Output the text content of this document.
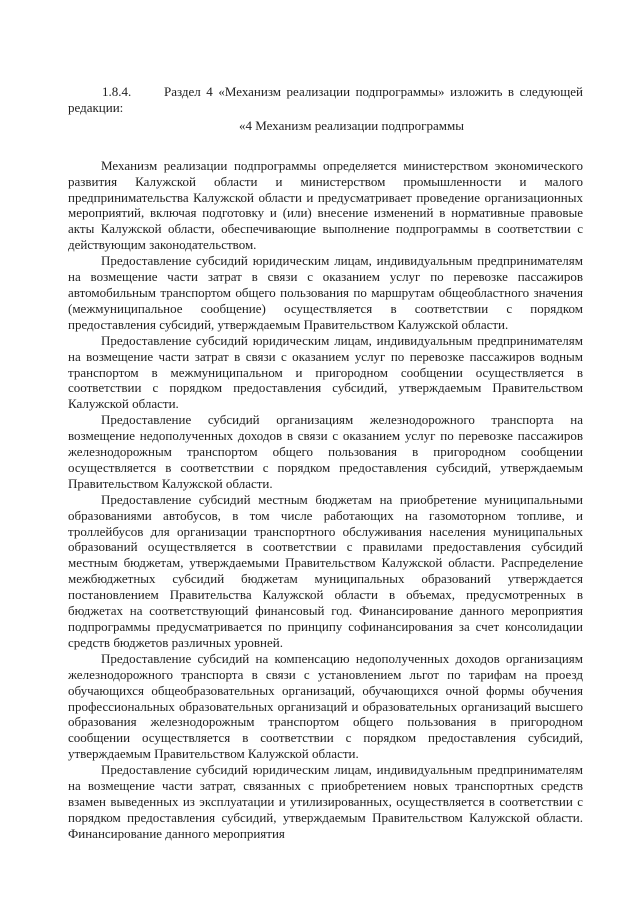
1.8.4.	Раздел 4 «Механизм реализации подпрограммы» изложить в следующей
редакции:
«4 Механизм реализации подпрограммы

Механизм реализации подпрограммы определяется министерством экономического развития Калужской области и министерством промышленности и малого предпринимательства Калужской области и предусматривает проведение организационных мероприятий, включая подготовку и (или) внесение изменений в нормативные правовые акты Калужской области, обеспечивающие выполнение подпрограммы в соответствии с действующим законодательством.

Предоставление субсидий юридическим лицам, индивидуальным предпринимателям на возмещение части затрат в связи с оказанием услуг по перевозке пассажиров автомобильным транспортом общего пользования по маршрутам общеобластного значения (межмуниципальное сообщение) осуществляется в соответствии с порядком предоставления субсидий, утверждаемым Правительством Калужской области.

Предоставление субсидий юридическим лицам, индивидуальным предпринимателям на возмещение части затрат в связи с оказанием услуг по перевозке пассажиров водным транспортом в межмуниципальном и пригородном сообщении осуществляется в соответствии с порядком предоставления субсидий, утверждаемым Правительством Калужской области.

Предоставление субсидий организациям железнодорожного транспорта на возмещение недополученных доходов в связи с оказанием услуг по перевозке пассажиров железнодорожным транспортом общего пользования в пригородном сообщении осуществляется в соответствии с порядком предоставления субсидий, утверждаемым Правительством Калужской области.

Предоставление субсидий местным бюджетам на приобретение муниципальными образованиями автобусов, в том числе работающих на газомоторном топливе, и троллейбусов для организации транспортного обслуживания населения муниципальных образований осуществляется в соответствии с правилами предоставления субсидий местным бюджетам, утверждаемыми Правительством Калужской области. Распределение межбюджетных субсидий бюджетам муниципальных образований утверждается постановлением Правительства Калужской области в объемах, предусмотренных в бюджетах на соответствующий финансовый год. Финансирование данного мероприятия подпрограммы предусматривается по принципу софинансирования за счет консолидации средств бюджетов различных уровней.

Предоставление субсидий на компенсацию недополученных доходов организациям железнодорожного транспорта в связи с установлением льгот по тарифам на проезд обучающихся общеобразовательных организаций, обучающихся очной формы обучения профессиональных образовательных организаций и образовательных организаций высшего образования железнодорожным транспортом общего пользования в пригородном сообщении осуществляется в соответствии с порядком предоставления субсидий, утверждаемым Правительством Калужской области.

Предоставление субсидий юридическим лицам, индивидуальным предпринимателям на возмещение части затрат, связанных с приобретением новых транспортных средств взамен выведенных из эксплуатации и утилизированных, осуществляется в соответствии с порядком предоставления субсидий, утверждаемым Правительством Калужской области. Финансирование данного мероприятия
